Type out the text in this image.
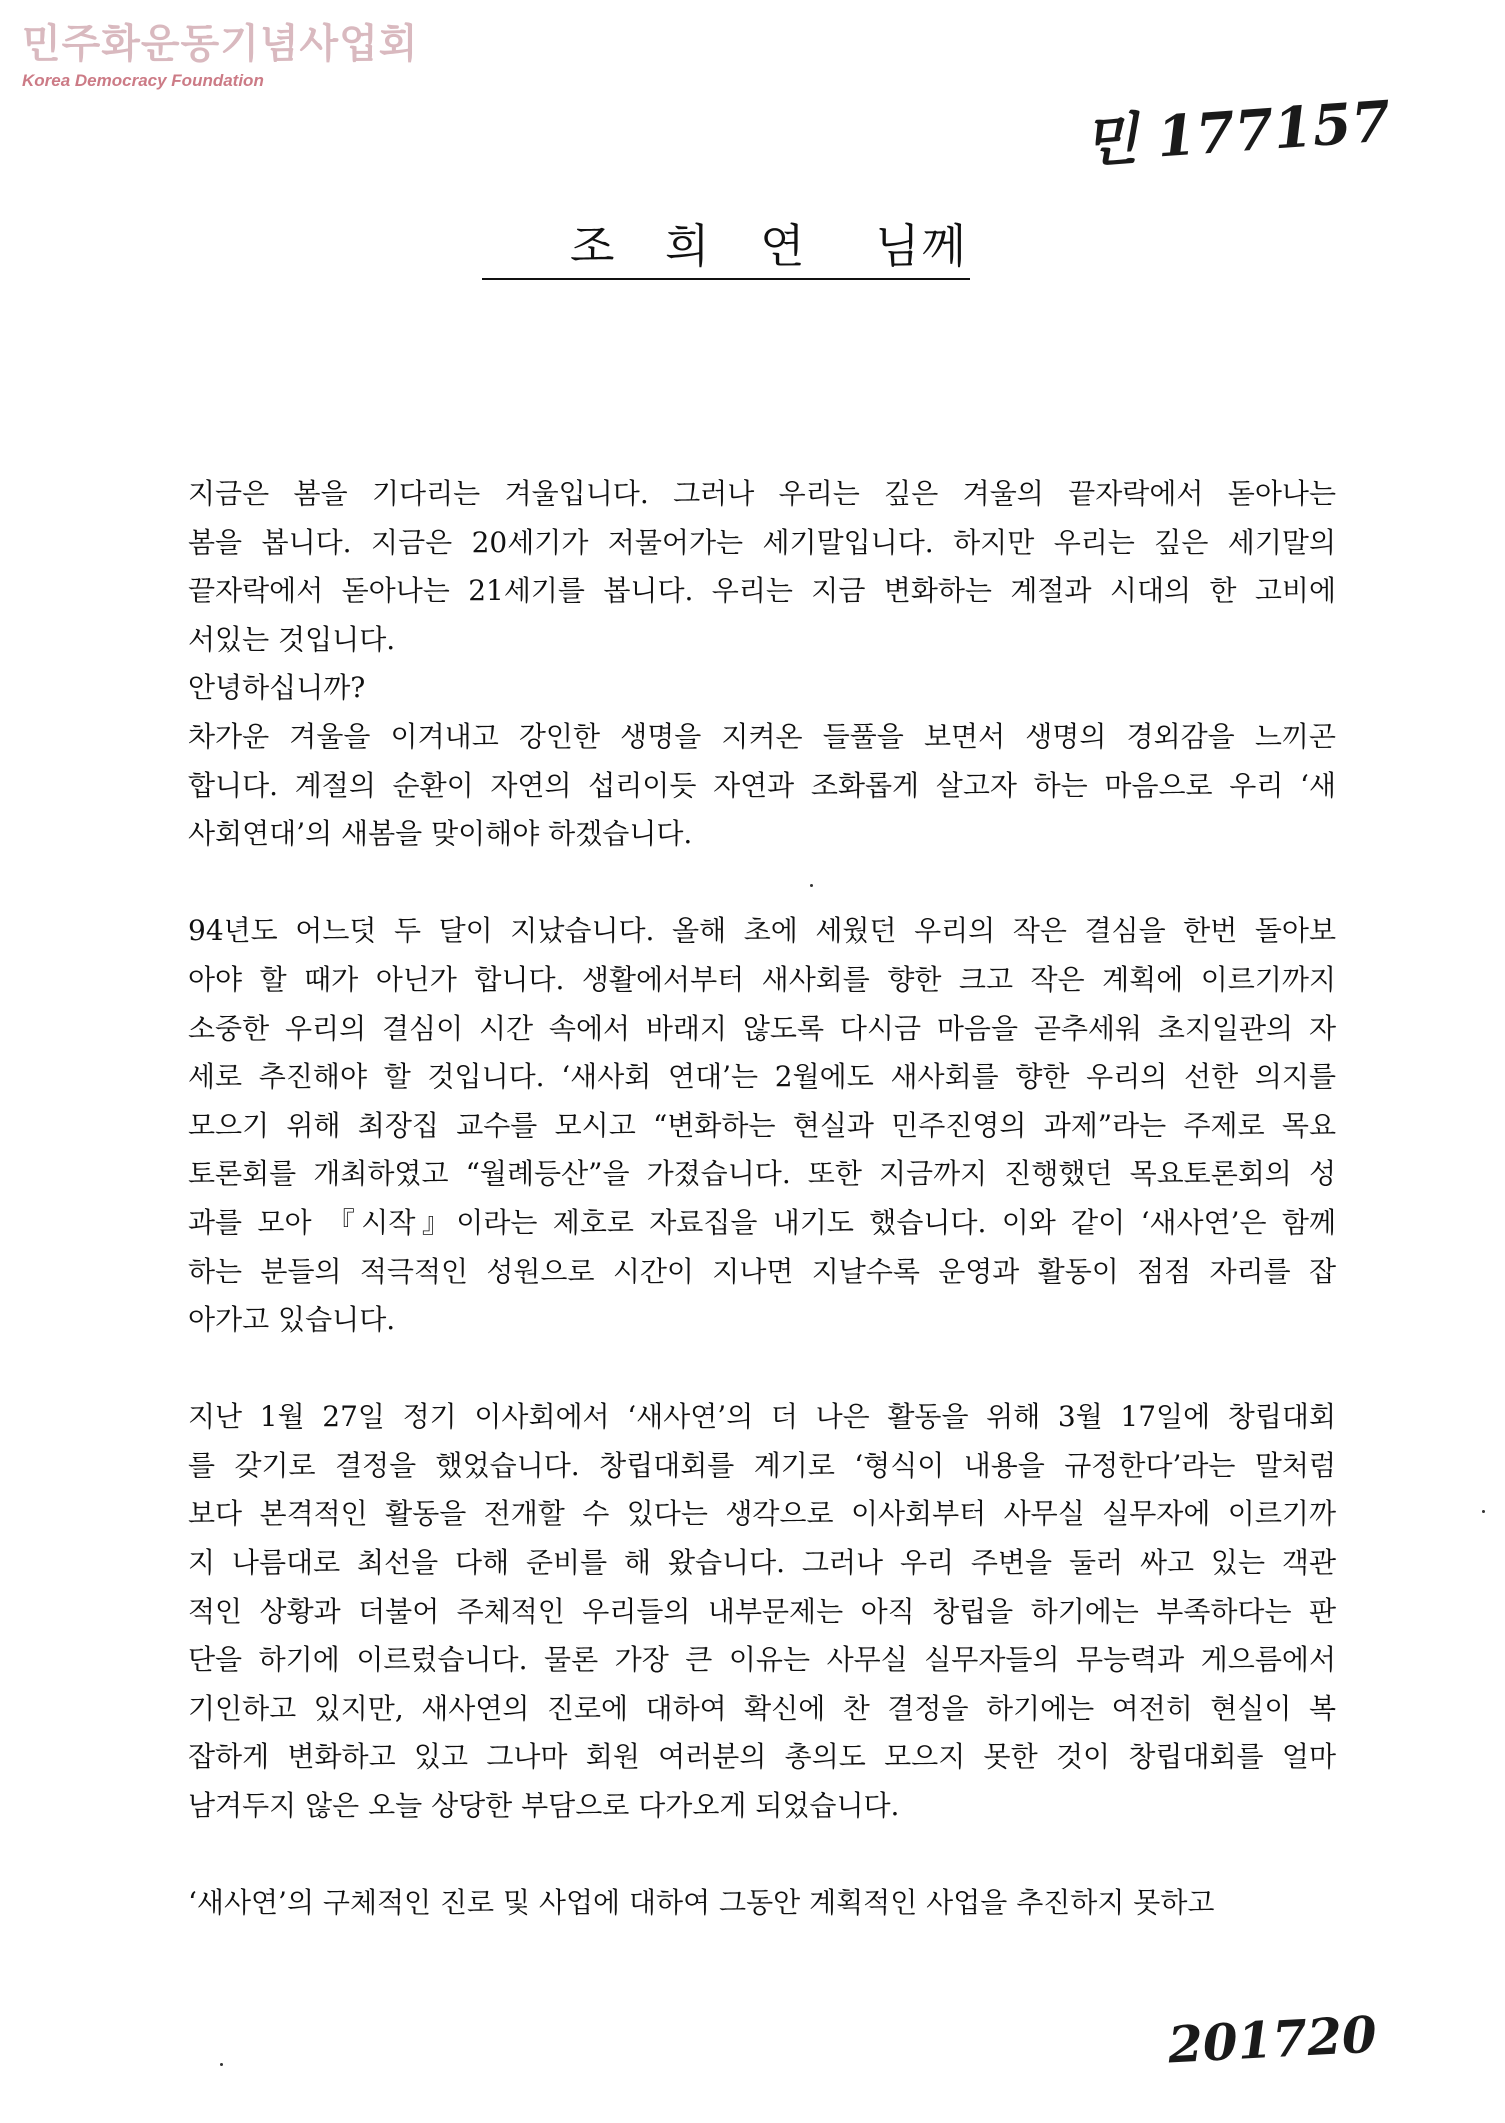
민주화운동기념사업회
Korea Democracy Foundation
민 177157
조 희 연 님께
지금은 봄을 기다리는 겨울입니다. 그러나 우리는 깊은 겨울의 끝자락에서 돋아나는
봄을 봅니다. 지금은 20세기가 저물어가는 세기말입니다. 하지만 우리는 깊은 세기말의
끝자락에서 돋아나는 21세기를 봅니다. 우리는 지금 변화하는 계절과 시대의 한 고비에
서있는 것입니다.
안녕하십니까?
차가운 겨울을 이겨내고 강인한 생명을 지켜온 들풀을 보면서 생명의 경외감을 느끼곤
합니다. 계절의 순환이 자연의 섭리이듯 자연과 조화롭게 살고자 하는 마음으로 우리 ‘새
사회연대’의 새봄을 맞이해야 하겠습니다.
94년도 어느덧 두 달이 지났습니다. 올해 초에 세웠던 우리의 작은 결심을 한번 돌아보
아야 할 때가 아닌가 합니다. 생활에서부터 새사회를 향한 크고 작은 계획에 이르기까지
소중한 우리의 결심이 시간 속에서 바래지 않도록 다시금 마음을 곧추세워 초지일관의 자
세로 추진해야 할 것입니다. ‘새사회 연대’는 2월에도 새사회를 향한 우리의 선한 의지를
모으기 위해 최장집 교수를 모시고 “변화하는 현실과 민주진영의 과제”라는 주제로 목요
토론회를 개최하였고 “월례등산”을 가졌습니다. 또한 지금까지 진행했던 목요토론회의 성
과를 모아 『시작』이라는 제호로 자료집을 내기도 했습니다. 이와 같이 ‘새사연’은 함께
하는 분들의 적극적인 성원으로 시간이 지나면 지날수록 운영과 활동이 점점 자리를 잡
아가고 있습니다.
지난 1월 27일 정기 이사회에서 ‘새사연’의 더 나은 활동을 위해 3월 17일에 창립대회
를 갖기로 결정을 했었습니다. 창립대회를 계기로 ‘형식이 내용을 규정한다’라는 말처럼
보다 본격적인 활동을 전개할 수 있다는 생각으로 이사회부터 사무실 실무자에 이르기까
지 나름대로 최선을 다해 준비를 해 왔습니다. 그러나 우리 주변을 둘러 싸고 있는 객관
적인 상황과 더불어 주체적인 우리들의 내부문제는 아직 창립을 하기에는 부족하다는 판
단을 하기에 이르렀습니다. 물론 가장 큰 이유는 사무실 실무자들의 무능력과 게으름에서
기인하고 있지만, 새사연의 진로에 대하여 확신에 찬 결정을 하기에는 여전히 현실이 복
잡하게 변화하고 있고 그나마 회원 여러분의 총의도 모으지 못한 것이 창립대회를 얼마
남겨두지 않은 오늘 상당한 부담으로 다가오게 되었습니다.
‘새사연’의 구체적인 진로 및 사업에 대하여 그동안 계획적인 사업을 추진하지 못하고
201720
